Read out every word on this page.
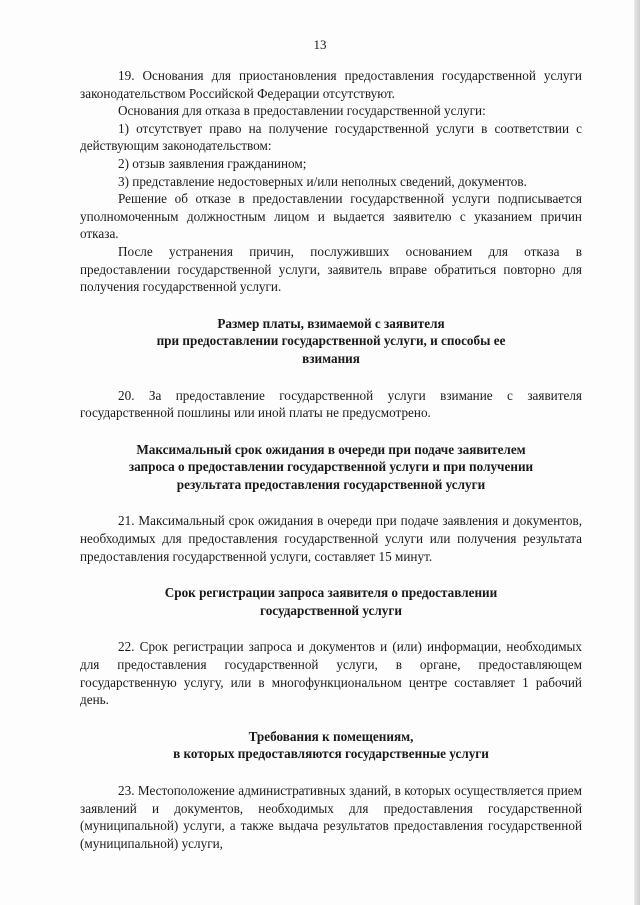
13

19. Основания для приостановления предоставления государственной услуги законодательством Российской Федерации отсутствуют.

Основания для отказа в предоставлении государственной услуги:

1) отсутствует право на получение государственной услуги в соответствии с действующим законодательством:

2) отзыв заявления гражданином;

3) представление недостоверных и/или неполных сведений, документов.

Решение об отказе в предоставлении государственной услуги подписывается уполномоченным должностным лицом и выдается заявителю с указанием причин отказа.

После устранения причин, послуживших основанием для отказа в предоставлении государственной услуги, заявитель вправе обратиться повторно для получения государственной услуги.

Размер платы, взимаемой с заявителя
при предоставлении государственной услуги, и способы ее
взимания

20. За предоставление государственной услуги взимание с заявителя государственной пошлины или иной платы не предусмотрено.

Максимальный срок ожидания в очереди при подаче заявителем
запроса о предоставлении государственной услуги и при получении
результата предоставления государственной услуги

21. Максимальный срок ожидания в очереди при подаче заявления и документов, необходимых для предоставления государственной услуги или получения результата предоставления государственной услуги, составляет 15 минут.

Срок регистрации запроса заявителя о предоставлении
государственной услуги

22. Срок регистрации запроса и документов и (или) информации, необходимых для предоставления государственной услуги, в органе, предоставляющем государственную услугу, или в многофункциональном центре составляет 1 рабочий день.

Требования к помещениям,
в которых предоставляются государственные услуги

23. Местоположение административных зданий, в которых осуществляется прием заявлений и документов, необходимых для предоставления государственной (муниципальной) услуги, а также выдача результатов предоставления государственной (муниципальной) услуги,
